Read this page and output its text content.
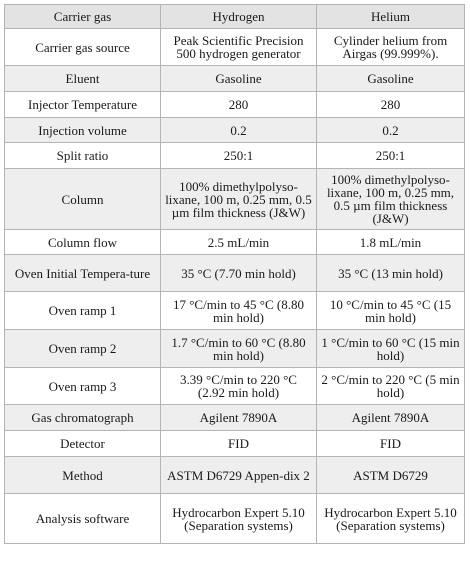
Carrier gas	Hydrogen	Helium
Carrier gas source	Peak Scientific Precision 500 hydrogen generator	Cylinder helium from Airgas (99.999%).
Eluent	Gasoline	Gasoline
Injector Temperature	280	280
Injection volume	0.2	0.2
Split ratio	250:1	250:1
Column	100% dimethylpolyso-lixane, 100 m, 0.25 mm, 0.5 µm film thickness (J&W)	100% dimethylpolyso-lixane, 100 m, 0.25 mm, 0.5 µm film thickness (J&W)
Column flow	2.5 mL/min	1.8 mL/min
Oven Initial Tempera-ture	35 °C (7.70 min hold)	35 °C (13 min hold)
Oven ramp 1	17 °C/min to 45 °C (8.80 min hold)	10 °C/min to 45 °C (15 min hold)
Oven ramp 2	1.7 °C/min to 60 °C (8.80 min hold)	1 °C/min to 60 °C (15 min hold)
Oven ramp 3	3.39 °C/min to 220 °C (2.92 min hold)	2 °C/min to 220 °C (5 min hold)
Gas chromatograph	Agilent 7890A	Agilent 7890A
Detector	FID	FID
Method	ASTM D6729 Appen-dix 2	ASTM D6729
Analysis software	Hydrocarbon Expert 5.10 (Separation systems)	Hydrocarbon Expert 5.10 (Separation systems)
